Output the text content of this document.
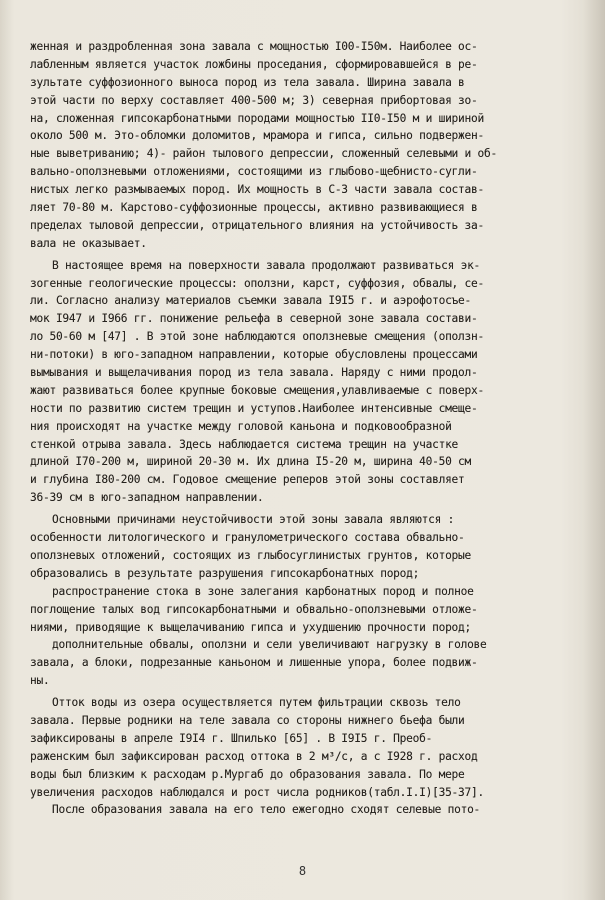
женная и раздробленная зона завала с мощностью I00-I50м. Наиболее ос-
лабленным является участок ложбины проседания, сформировавшейся в ре-
зультате суффозионного выноса пород из тела завала. Ширина завала в
этой части по верху составляет 400-500 м; 3) северная прибортовая зо-
на, сложенная гипсокарбонатными породами мощностью II0-I50 м и шириной
около 500 м. Это-обломки доломитов, мрамора и гипса, сильно подвержен-
ные выветриванию; 4)- район тылового депрессии, сложенный селевыми и об-
вально-оползневыми отложениями, состоящими из глыбово-щебнисто-сугли-
нистых легко размываемых пород. Их мощность в С-З части завала состав-
ляет 70-80 м. Карстово-суффозионные процессы, активно развивающиеся в
пределах тыловой депрессии, отрицательного влияния на устойчивость за-
вала не оказывает.
В настоящее время на поверхности завала продолжают развиваться эк-
зогенные геологические процессы: оползни, карст, суффозия, обвалы, се-
ли. Согласно анализу материалов съемки завала I9I5 г. и аэрофотосъе-
мок I947 и I966 гг. понижение рельефа в северной зоне завала состави-
ло 50-60 м [47] . В этой зоне наблюдаются оползневые смещения (оползн-
ни-потоки) в юго-западном направлении, которые обусловлены процессами
вымывания и выщелачивания пород из тела завала. Наряду с ними продол-
жают развиваться более крупные боковые смещения,улавливаемые с поверх-
ности по развитию систем трещин и уступов.Наиболее интенсивные смеще-
ния происходят на участке между головой каньона и подковообразной
стенкой отрыва завала. Здесь наблюдается система трещин на участке
длиной I70-200 м, шириной 20-30 м. Их длина I5-20 м, ширина 40-50 см
и глубина I80-200 см. Годовое смещение реперов этой зоны составляет
36-39 см в юго-западном направлении.
Основными причинами неустойчивости этой зоны завала являются :
особенности литологического и гранулометрического состава обвально-
оползневых отложений, состоящих из глыбосуглинистых грунтов, которые
образовались в результате разрушения гипсокарбонатных пород;
распространение стока в зоне залегания карбонатных пород и полное
поглощение талых вод гипсокарбонатными и обвально-оползневыми отложе-
ниями, приводящие к выщелачиванию гипса и ухудшению прочности пород;
дополнительные обвалы, оползни и сели увеличивают нагрузку в голове
завала, а блоки, подрезанные каньоном и лишенные упора, более подвиж-
ны.
Отток воды из озера осуществляется путем фильтрации сквозь тело
завала. Первые родники на теле завала со стороны нижнего бьефа были
зафиксированы в апреле I9I4 г. Шпилько [65] . В I9I5 г. Преоб-
раженским был зафиксирован расход оттока в 2 м³/с, а с I928 г. расход
воды был близким к расходам р.Мургаб до образования завала. По мере
увеличения расходов наблюдался и рост числа родников(табл.I.I)[35-37].
После образования завала на его тело ежегодно сходят селевые пото-
8
